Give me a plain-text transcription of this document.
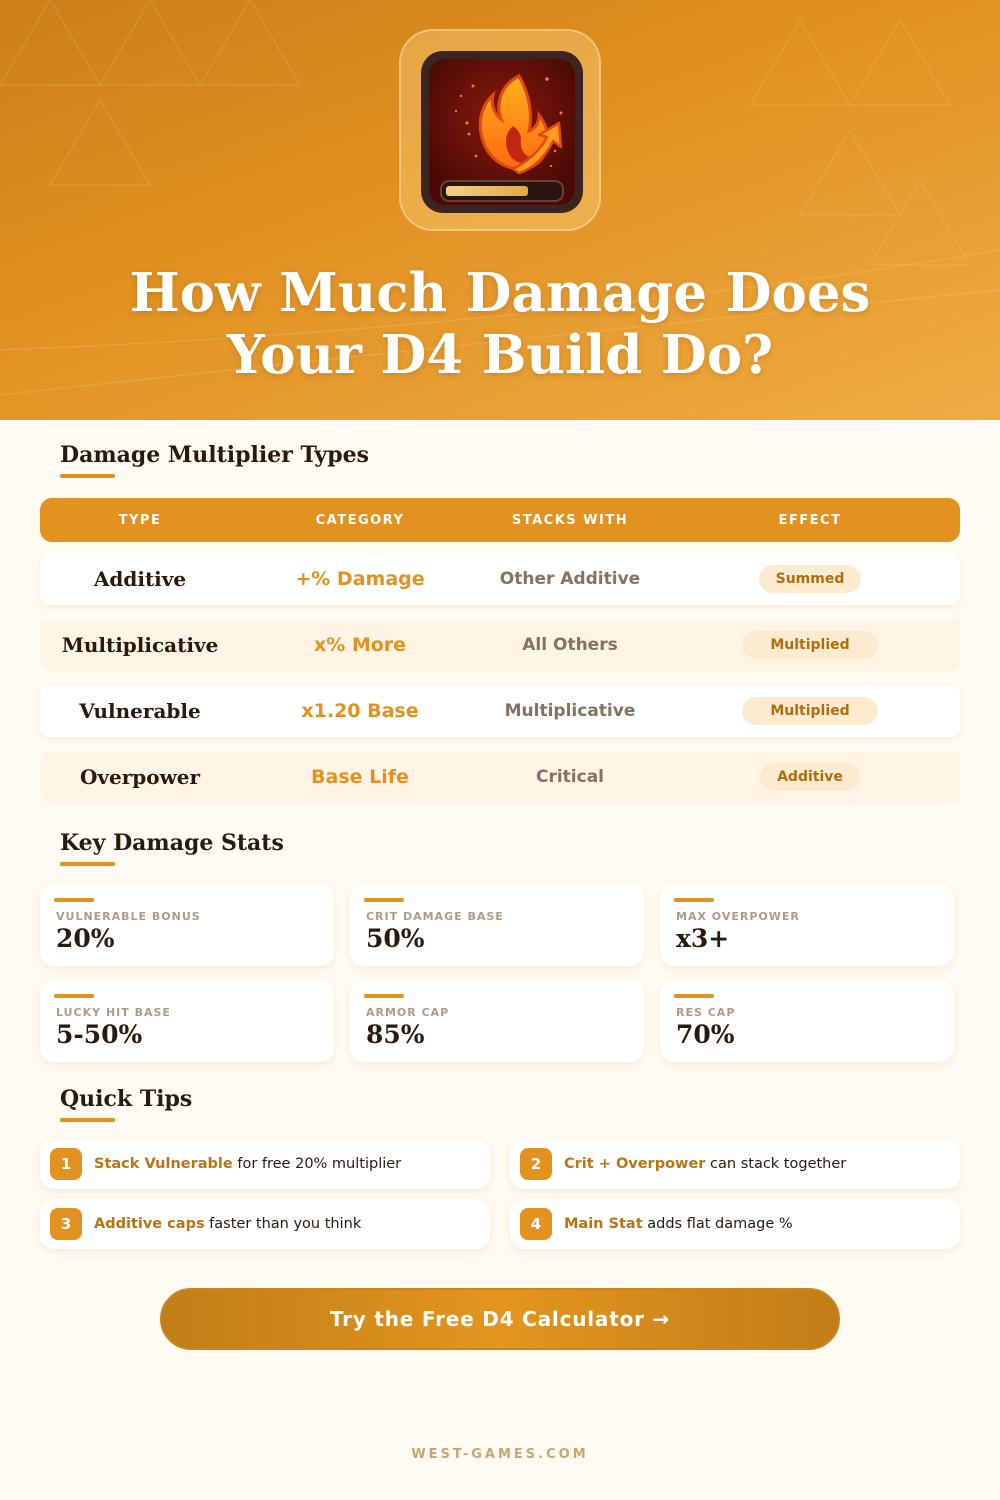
How Much Damage Does
Your D4 Build Do?
Damage Multiplier Types
TYPE	CATEGORY	STACKS WITH	EFFECT
Additive	+% Damage	Other Additive	Summed
Multiplicative	x% More	All Others	Multiplied
Vulnerable	x1.20 Base	Multiplicative	Multiplied
Overpower	Base Life	Critical	Additive
Key Damage Stats
VULNERABLE BONUS
20%
CRIT DAMAGE BASE
50%
MAX OVERPOWER
x3+
LUCKY HIT BASE
5-50%
ARMOR CAP
85%
RES CAP
70%
Quick Tips
1	Stack Vulnerable for free 20% multiplier	2	Crit + Overpower can stack together
3	Additive caps faster than you think	4	Main Stat adds flat damage %
Try the Free D4 Calculator →
WEST-GAMES.COM
